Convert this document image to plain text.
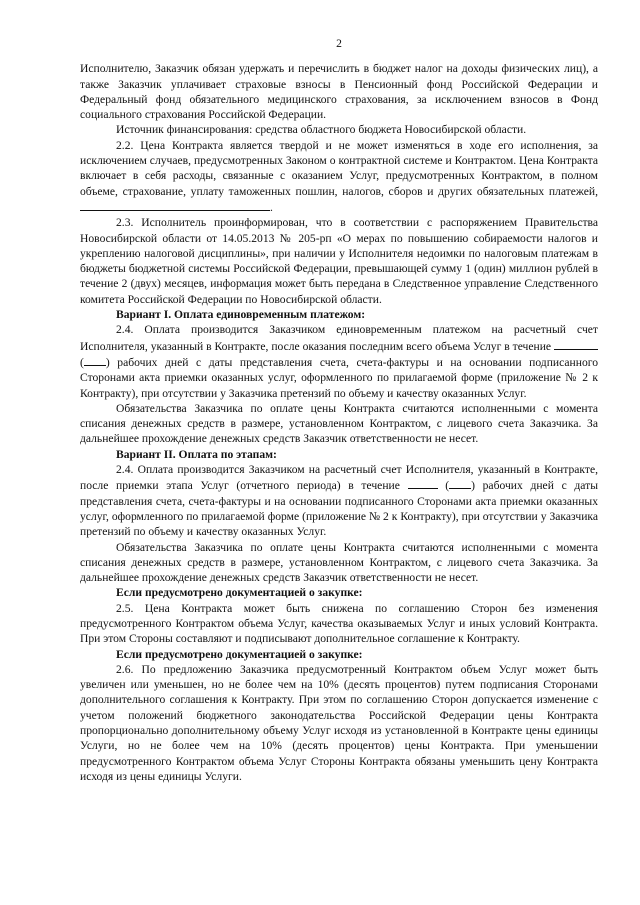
2

Исполнителю, Заказчик обязан удержать и перечислить в бюджет налог на доходы физических лиц), а также Заказчик уплачивает страховые взносы в Пенсионный фонд Российской Федерации и Федеральный фонд обязательного медицинского страхования, за исключением взносов в Фонд социального страхования Российской Федерации.

Источник финансирования: средства областного бюджета Новосибирской области.

2.2. Цена Контракта является твердой и не может изменяться в ходе его исполнения, за исключением случаев, предусмотренных Законом о контрактной системе и Контрактом. Цена Контракта включает в себя расходы, связанные с оказанием Услуг, предусмотренных Контрактом, в полном объеме, страхование, уплату таможенных пошлин, налогов, сборов и других обязательных платежей, .

2.3. Исполнитель проинформирован, что в соответствии с распоряжением Правительства Новосибирской области от 14.05.2013 № 205-рп «О мерах по повышению собираемости налогов и укреплению налоговой дисциплины», при наличии у Исполнителя недоимки по налоговым платежам в бюджеты бюджетной системы Российской Федерации, превышающей сумму 1 (один) миллион рублей в течение 2 (двух) месяцев, информация может быть передана в Следственное управление Следственного комитета Российской Федерации по Новосибирской области.

Вариант I. Оплата единовременным платежом:

2.4. Оплата производится Заказчиком единовременным платежом на расчетный счет Исполнителя, указанный в Контракте, после оказания последним всего объема Услуг в течение  ( ) рабочих дней с даты представления счета, счета-фактуры и на основании подписанного Сторонами акта приемки оказанных услуг, оформленного по прилагаемой форме (приложение № 2 к Контракту), при отсутствии у Заказчика претензий по объему и качеству оказанных Услуг.

Обязательства Заказчика по оплате цены Контракта считаются исполненными с момента списания денежных средств в размере, установленном Контрактом, с лицевого счета Заказчика. За дальнейшее прохождение денежных средств Заказчик ответственности не несет.

Вариант II. Оплата по этапам:

2.4. Оплата производится Заказчиком на расчетный счет Исполнителя, указанный в Контракте, после приемки этапа Услуг (отчетного периода) в течение	( ) рабочих дней с даты представления счета, счета-фактуры и на основании подписанного Сторонами акта приемки оказанных услуг, оформленного по прилагаемой форме (приложение № 2 к Контракту), при отсутствии у Заказчика претензий по объему и качеству оказанных Услуг.

Обязательства Заказчика по оплате цены Контракта считаются исполненными с момента списания денежных средств в размере, установленном Контрактом, с лицевого счета Заказчика. За дальнейшее прохождение денежных средств Заказчик ответственности не несет.

Если предусмотрено документацией о закупке:

2.5. Цена Контракта может быть снижена по соглашению Сторон без изменения предусмотренного Контрактом объема Услуг, качества оказываемых Услуг и иных условий Контракта. При этом Стороны составляют и подписывают дополнительное соглашение к Контракту.

Если предусмотрено документацией о закупке:

2.6. По предложению Заказчика предусмотренный Контрактом объем Услуг может быть увеличен или уменьшен, но не более чем на 10% (десять процентов) путем подписания Сторонами дополнительного соглашения к Контракту. При этом по соглашению Сторон допускается изменение с учетом положений бюджетного законодательства Российской Федерации цены Контракта пропорционально дополнительному объему Услуг исходя из установленной в Контракте цены единицы Услуги, но не более чем на 10% (десять процентов) цены Контракта. При уменьшении предусмотренного Контрактом объема Услуг Стороны Контракта обязаны уменьшить цену Контракта исходя из цены единицы Услуги.
